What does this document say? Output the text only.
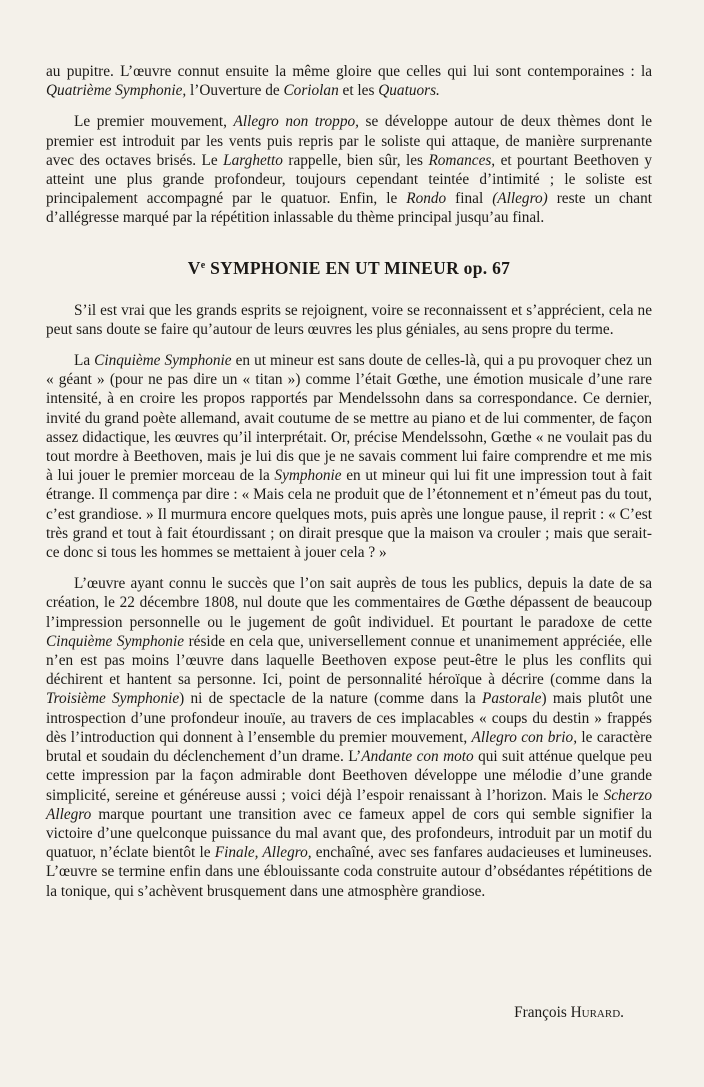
au pupitre. L’œuvre connut ensuite la même gloire que celles qui lui sont contemporaines : la Quatrième Symphonie, l’Ouverture de Coriolan et les Quatuors.

Le premier mouvement, Allegro non troppo, se développe autour de deux thèmes dont le premier est introduit par les vents puis repris par le soliste qui attaque, de manière surprenante avec des octaves brisés. Le Larghetto rappelle, bien sûr, les Romances, et pourtant Beethoven y atteint une plus grande profondeur, toujours cependant teintée d’intimité ; le soliste est principalement accompagné par le quatuor. Enfin, le Rondo final (Allegro) reste un chant d’allégresse marqué par la répétition inlassable du thème principal jusqu’au final.

Ve SYMPHONIE EN UT MINEUR op. 67

S’il est vrai que les grands esprits se rejoignent, voire se reconnaissent et s’apprécient, cela ne peut sans doute se faire qu’autour de leurs œuvres les plus géniales, au sens propre du terme.

La Cinquième Symphonie en ut mineur est sans doute de celles-là, qui a pu provoquer chez un « géant » (pour ne pas dire un « titan ») comme l’était Gœthe, une émotion musicale d’une rare intensité, à en croire les propos rapportés par Mendelssohn dans sa correspondance. Ce dernier, invité du grand poète allemand, avait coutume de se mettre au piano et de lui commenter, de façon assez didactique, les œuvres qu’il interprétait. Or, précise Mendelssohn, Gœthe « ne voulait pas du tout mordre à Beethoven, mais je lui dis que je ne savais comment lui faire comprendre et me mis à lui jouer le premier morceau de la Symphonie en ut mineur qui lui fit une impression tout à fait étrange. Il commença par dire : « Mais cela ne produit que de l’étonnement et n’émeut pas du tout, c’est grandiose. » Il murmura encore quelques mots, puis après une longue pause, il reprit : « C’est très grand et tout à fait étourdissant ; on dirait presque que la maison va crouler ; mais que serait-ce donc si tous les hommes se mettaient à jouer cela ? »

L’œuvre ayant connu le succès que l’on sait auprès de tous les publics, depuis la date de sa création, le 22 décembre 1808, nul doute que les commentaires de Gœthe dépassent de beaucoup l’impression personnelle ou le jugement de goût individuel. Et pourtant le paradoxe de cette Cinquième Symphonie réside en cela que, universellement connue et unanimement appréciée, elle n’en est pas moins l’œuvre dans laquelle Beethoven expose peut-être le plus les conflits qui déchirent et hantent sa personne. Ici, point de personnalité héroïque à décrire (comme dans la Troisième Symphonie) ni de spectacle de la nature (comme dans la Pastorale) mais plutôt une introspection d’une profondeur inouïe, au travers de ces implacables « coups du destin » frappés dès l’introduction qui donnent à l’ensemble du premier mouvement, Allegro con brio, le caractère brutal et soudain du déclenchement d’un drame. L’Andante con moto qui suit atténue quelque peu cette impression par la façon admirable dont Beethoven développe une mélodie d’une grande simplicité, sereine et généreuse aussi ; voici déjà l’espoir renaissant à l’horizon. Mais le Scherzo Allegro marque pourtant une transition avec ce fameux appel de cors qui semble signifier la victoire d’une quelconque puissance du mal avant que, des profondeurs, introduit par un motif du quatuor, n’éclate bientôt le Finale, Allegro, enchaîné, avec ses fanfares audacieuses et lumineuses. L’œuvre se termine enfin dans une éblouissante coda construite autour d’obsédantes répétitions de la tonique, qui s’achèvent brusquement dans une atmosphère grandiose.

François Hurard.
